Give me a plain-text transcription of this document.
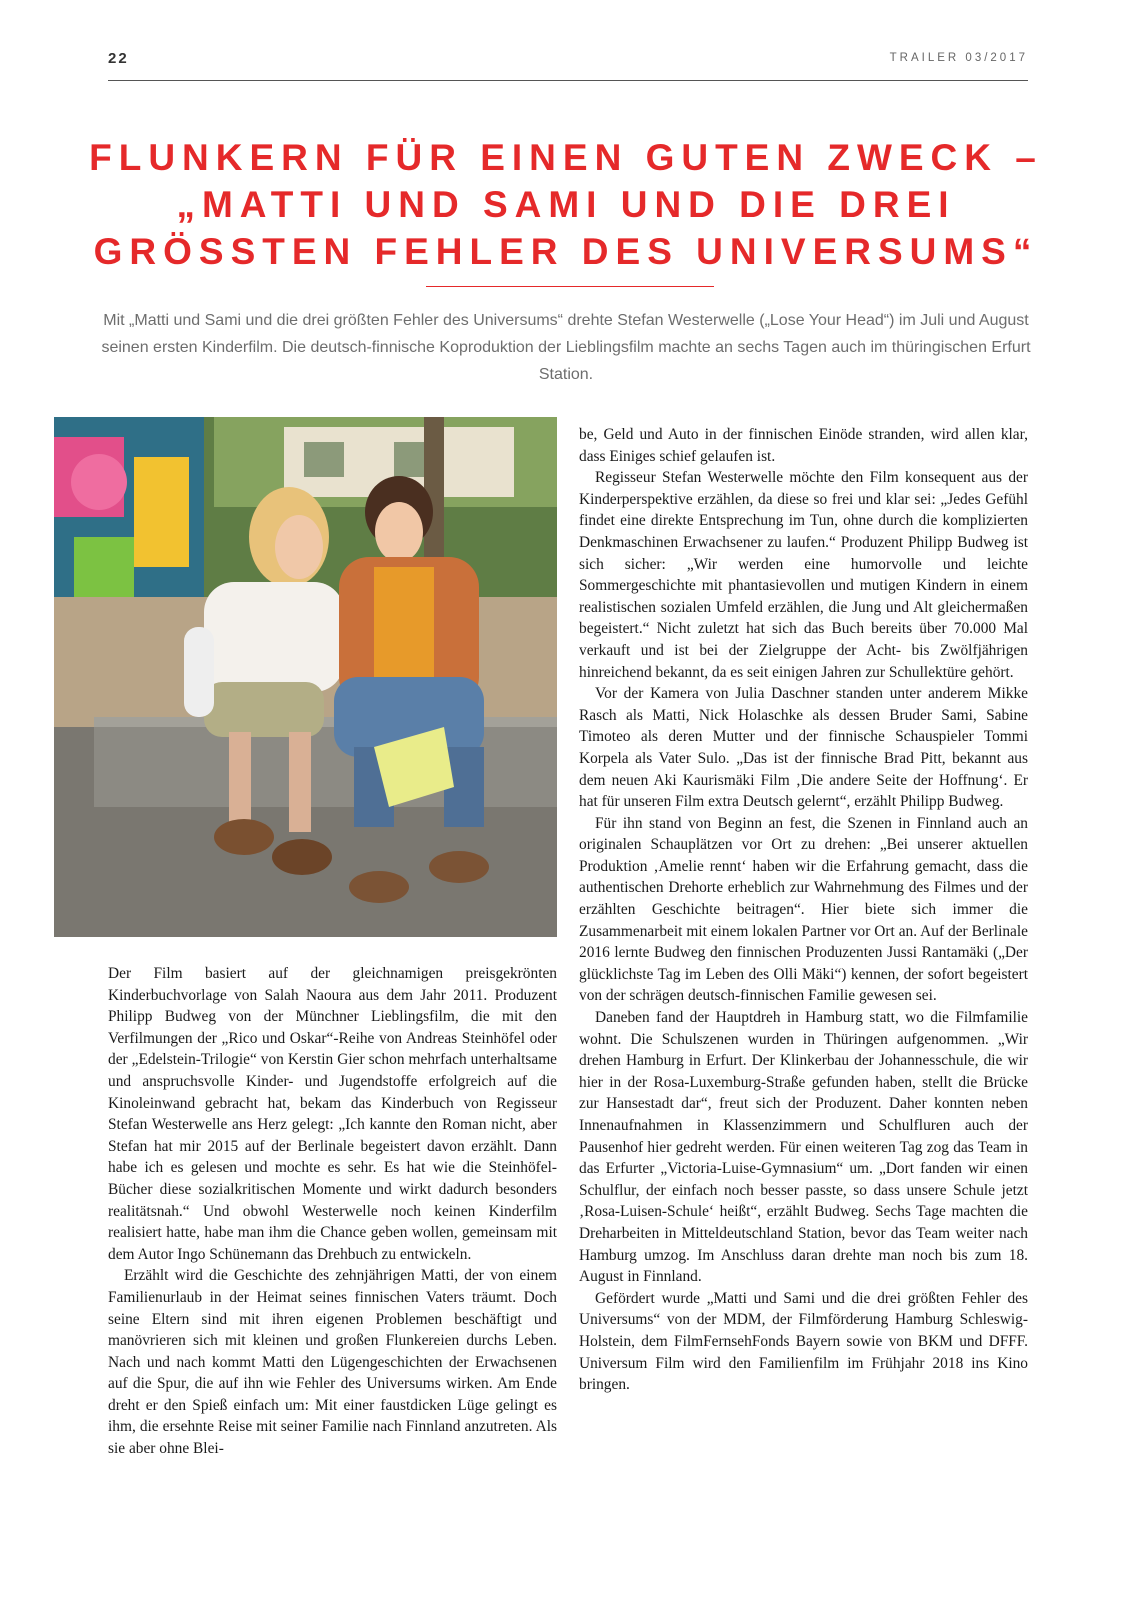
22	TRAILER 03/2017
FLUNKERN FÜR EINEN GUTEN ZWECK –
„MATTI UND SAMI UND DIE DREI
GRÖSSTEN FEHLER DES UNIVERSUMS“

Mit „Matti und Sami und die drei größten Fehler des Universums“ drehte Stefan Westerwelle („Lose Your Head“) im Juli und August seinen ersten Kinderfilm. Die deutsch-finnische Koproduktion der Lieblingsfilm machte an sechs Tagen auch im thüringischen Erfurt Station.

Der Film basiert auf der gleichnamigen preisgekrönten Kinderbuchvorlage von Salah Naoura aus dem Jahr 2011. Produzent Philipp Budweg von der Münchner Lieblingsfilm, die mit den Verfilmungen der „Rico und Oskar“-Reihe von Andreas Steinhöfel oder der „Edelstein-Trilogie“ von Kerstin Gier schon mehrfach unterhaltsame und anspruchsvolle Kinder- und Jugendstoffe erfolgreich auf die Kinoleinwand gebracht hat, bekam das Kinderbuch von Regisseur Stefan Westerwelle ans Herz gelegt: „Ich kannte den Roman nicht, aber Stefan hat mir 2015 auf der Berlinale begeistert davon erzählt. Dann habe ich es gelesen und mochte es sehr. Es hat wie die Steinhöfel-Bücher diese sozialkritischen Momente und wirkt dadurch besonders realitätsnah.“ Und obwohl Westerwelle noch keinen Kinderfilm realisiert hatte, habe man ihm die Chance geben wollen, gemeinsam mit dem Autor Ingo Schünemann das Drehbuch zu entwickeln.

Erzählt wird die Geschichte des zehnjährigen Matti, der von einem Familienurlaub in der Heimat seines finnischen Vaters träumt. Doch seine Eltern sind mit ihren eigenen Problemen beschäftigt und manövrieren sich mit kleinen und großen Flunkereien durchs Leben. Nach und nach kommt Matti den Lügengeschichten der Erwachsenen auf die Spur, die auf ihn wie Fehler des Universums wirken. Am Ende dreht er den Spieß einfach um: Mit einer faustdicken Lüge gelingt es ihm, die ersehnte Reise mit seiner Familie nach Finnland anzutreten. Als sie aber ohne Blei-

be, Geld und Auto in der finnischen Einöde stranden, wird allen klar, dass Einiges schief gelaufen ist.

Regisseur Stefan Westerwelle möchte den Film konsequent aus der Kinderperspektive erzählen, da diese so frei und klar sei: „Jedes Gefühl findet eine direkte Entsprechung im Tun, ohne durch die komplizierten Denkmaschinen Erwachsener zu laufen.“ Produzent Philipp Budweg ist sich sicher: „Wir werden eine humorvolle und leichte Sommergeschichte mit phantasievollen und mutigen Kindern in einem realistischen sozialen Umfeld erzählen, die Jung und Alt gleichermaßen begeistert.“ Nicht zuletzt hat sich das Buch bereits über 70.000 Mal verkauft und ist bei der Zielgruppe der Acht- bis Zwölfjährigen hinreichend bekannt, da es seit einigen Jahren zur Schullektüre gehört.

Vor der Kamera von Julia Daschner standen unter anderem Mikke Rasch als Matti, Nick Holaschke als dessen Bruder Sami, Sabine Timoteo als deren Mutter und der finnische Schauspieler Tommi Korpela als Vater Sulo. „Das ist der finnische Brad Pitt, bekannt aus dem neuen Aki Kaurismäki Film ‚Die andere Seite der Hoffnung‘. Er hat für unseren Film extra Deutsch gelernt“, erzählt Philipp Budweg.

Für ihn stand von Beginn an fest, die Szenen in Finnland auch an originalen Schauplätzen vor Ort zu drehen: „Bei unserer aktuellen Produktion ‚Amelie rennt‘ haben wir die Erfahrung gemacht, dass die authentischen Drehorte erheblich zur Wahrnehmung des Filmes und der erzählten Geschichte beitragen“. Hier biete sich immer die Zusammenarbeit mit einem lokalen Partner vor Ort an. Auf der Berlinale 2016 lernte Budweg den finnischen Produzenten Jussi Rantamäki („Der glücklichste Tag im Leben des Olli Mäki“) kennen, der sofort begeistert von der schrägen deutsch-finnischen Familie gewesen sei.

Daneben fand der Hauptdreh in Hamburg statt, wo die Filmfamilie wohnt. Die Schulszenen wurden in Thüringen aufgenommen. „Wir drehen Hamburg in Erfurt. Der Klinkerbau der Johannesschule, die wir hier in der Rosa-Luxemburg-Straße gefunden haben, stellt die Brücke zur Hansestadt dar“, freut sich der Produzent. Daher konnten neben Innenaufnahmen in Klassenzimmern und Schulfluren auch der Pausenhof hier gedreht werden. Für einen weiteren Tag zog das Team in das Erfurter „Victoria-Luise-Gymnasium“ um. „Dort fanden wir einen Schulflur, der einfach noch besser passte, so dass unsere Schule jetzt ‚Rosa-Luisen-Schule‘ heißt“, erzählt Budweg. Sechs Tage machten die Dreharbeiten in Mitteldeutschland Station, bevor das Team weiter nach Hamburg umzog. Im Anschluss daran drehte man noch bis zum 18. August in Finnland.

Gefördert wurde „Matti und Sami und die drei größten Fehler des Universums“ von der MDM, der Filmförderung Hamburg Schleswig-Holstein, dem FilmFernsehFonds Bayern sowie von BKM und DFFF. Universum Film wird den Familienfilm im Frühjahr 2018 ins Kino bringen.
